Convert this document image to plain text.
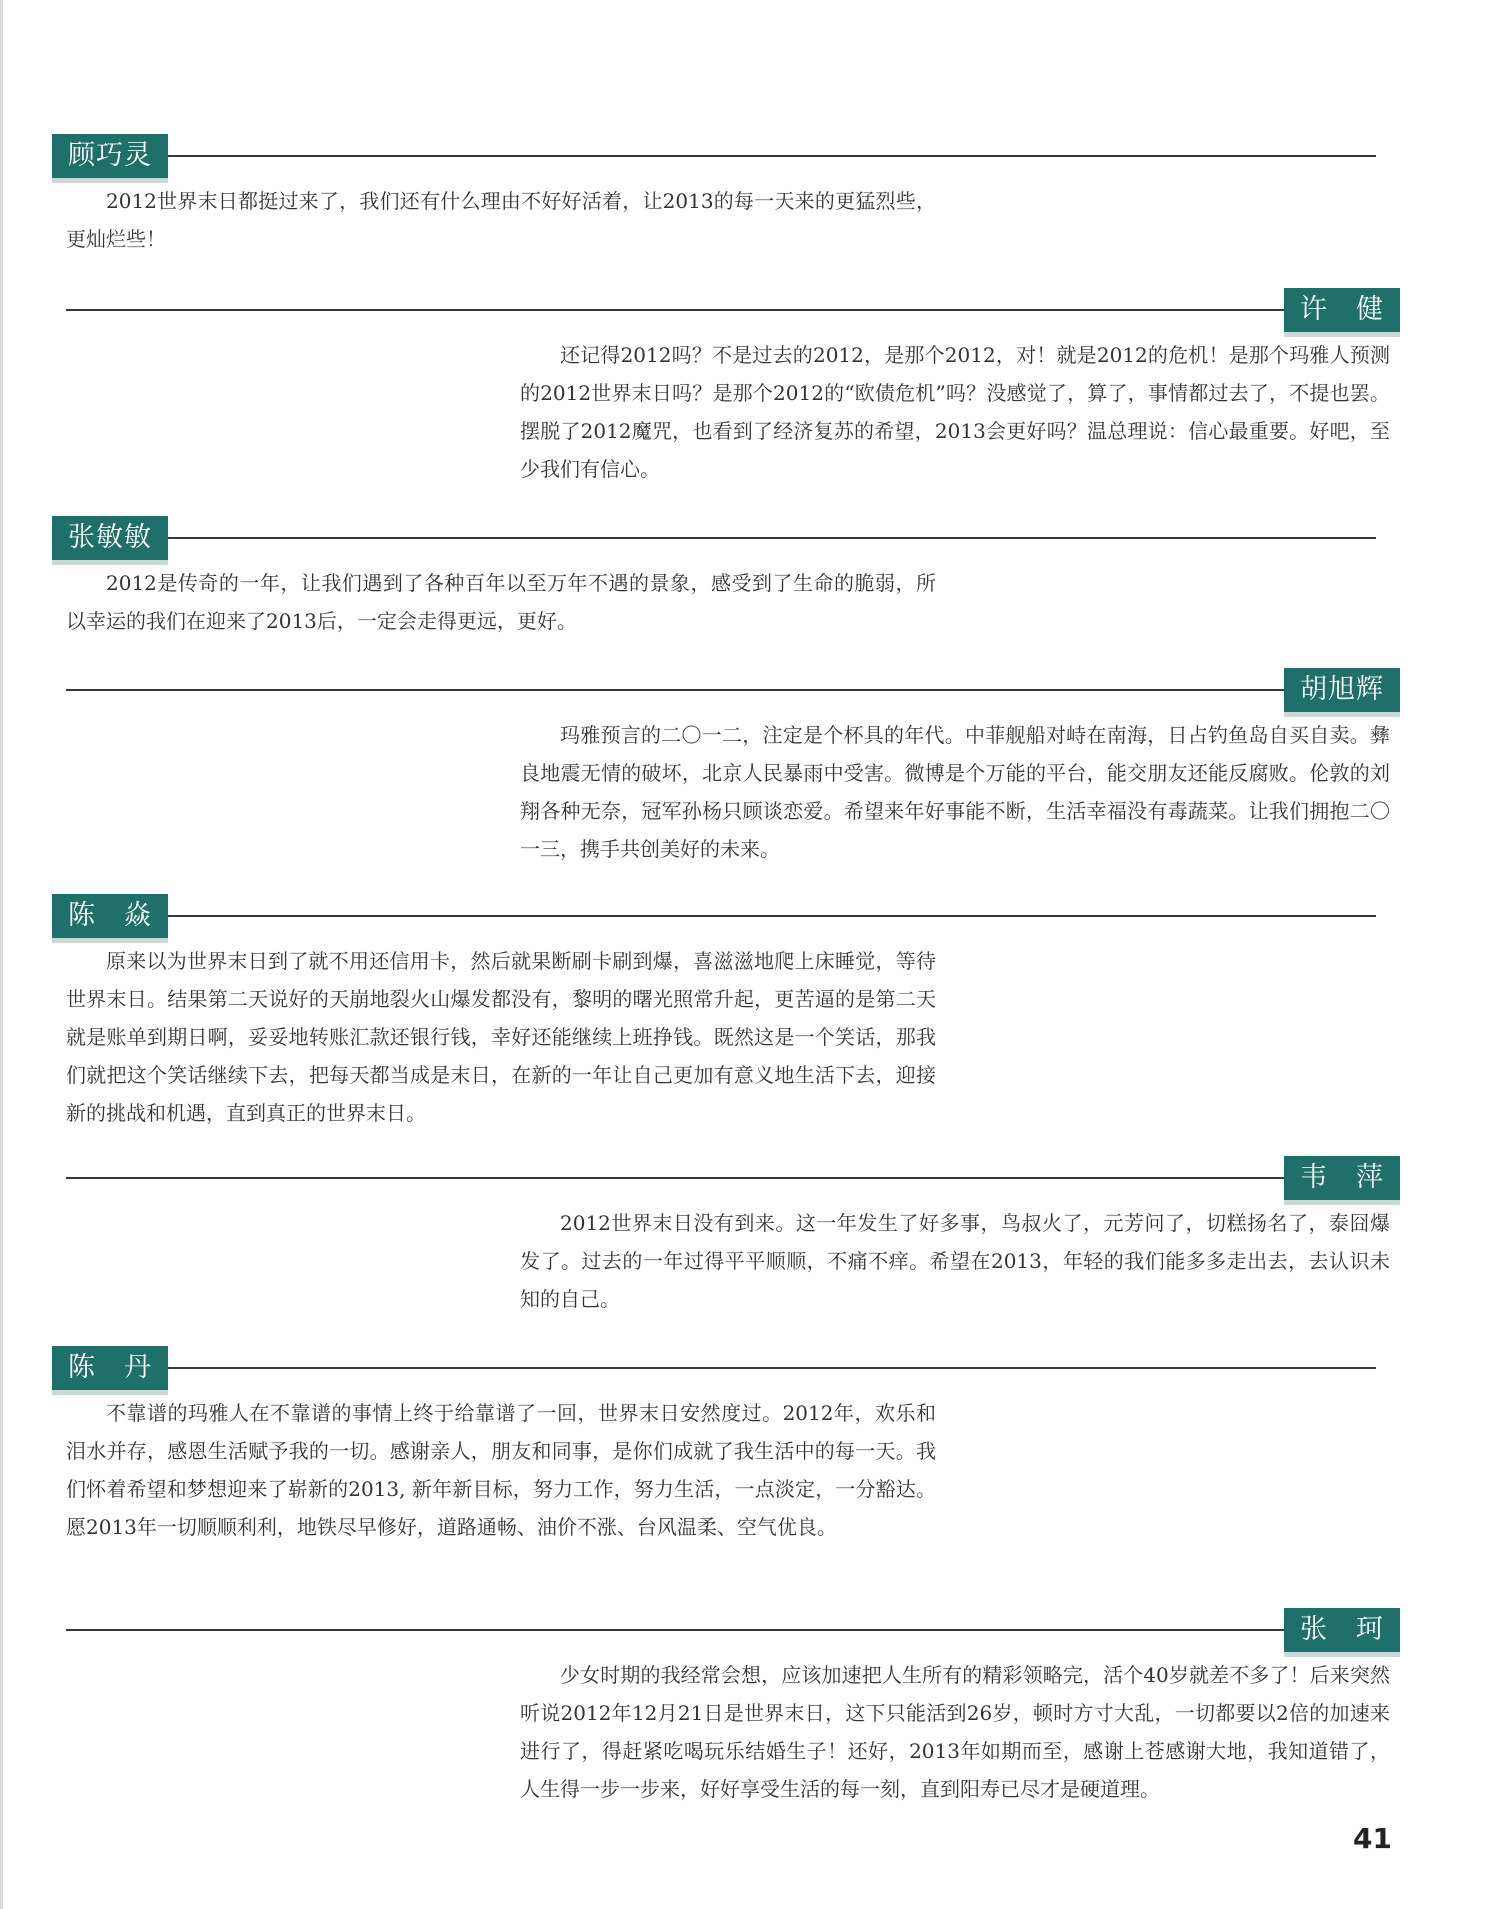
顾巧灵
2012世界末日都挺过来了，我们还有什么理由不好好活着，让2013的每一天来的更猛烈些，更灿烂些！
许　健
还记得2012吗？不是过去的2012，是那个2012，对！就是2012的危机！是那个玛雅人预测的2012世界末日吗？是那个2012的“欧债危机”吗？没感觉了，算了，事情都过去了，不提也罢。摆脱了2012魔咒，也看到了经济复苏的希望，2013会更好吗？温总理说：信心最重要。好吧，至少我们有信心。
张敏敏
2012是传奇的一年，让我们遇到了各种百年以至万年不遇的景象，感受到了生命的脆弱，所以幸运的我们在迎来了2013后，一定会走得更远，更好。
胡旭辉
玛雅预言的二〇一二，注定是个杯具的年代。中菲舰船对峙在南海，日占钓鱼岛自买自卖。彝良地震无情的破坏，北京人民暴雨中受害。微博是个万能的平台，能交朋友还能反腐败。伦敦的刘翔各种无奈，冠军孙杨只顾谈恋爱。希望来年好事能不断，生活幸福没有毒蔬菜。让我们拥抱二〇一三，携手共创美好的未来。
陈　焱
原来以为世界末日到了就不用还信用卡，然后就果断刷卡刷到爆，喜滋滋地爬上床睡觉，等待世界末日。结果第二天说好的天崩地裂火山爆发都没有，黎明的曙光照常升起，更苦逼的是第二天就是账单到期日啊，妥妥地转账汇款还银行钱，幸好还能继续上班挣钱。既然这是一个笑话，那我们就把这个笑话继续下去，把每天都当成是末日，在新的一年让自己更加有意义地生活下去，迎接新的挑战和机遇，直到真正的世界末日。
韦　萍
2012世界末日没有到来。这一年发生了好多事，鸟叔火了，元芳问了，切糕扬名了，泰囧爆发了。过去的一年过得平平顺顺，不痛不痒。希望在2013，年轻的我们能多多走出去，去认识未知的自己。
陈　丹
不靠谱的玛雅人在不靠谱的事情上终于给靠谱了一回，世界末日安然度过。2012年，欢乐和泪水并存，感恩生活赋予我的一切。感谢亲人，朋友和同事，是你们成就了我生活中的每一天。我们怀着希望和梦想迎来了崭新的2013, 新年新目标，努力工作，努力生活，一点淡定，一分豁达。愿2013年一切顺顺利利，地铁尽早修好，道路通畅、油价不涨、台风温柔、空气优良。
张　珂
少女时期的我经常会想，应该加速把人生所有的精彩领略完，活个40岁就差不多了！后来突然听说2012年12月21日是世界末日，这下只能活到26岁，顿时方寸大乱，一切都要以2倍的加速来进行了，得赶紧吃喝玩乐结婚生子！还好，2013年如期而至，感谢上苍感谢大地，我知道错了，人生得一步一步来，好好享受生活的每一刻，直到阳寿已尽才是硬道理。
41
